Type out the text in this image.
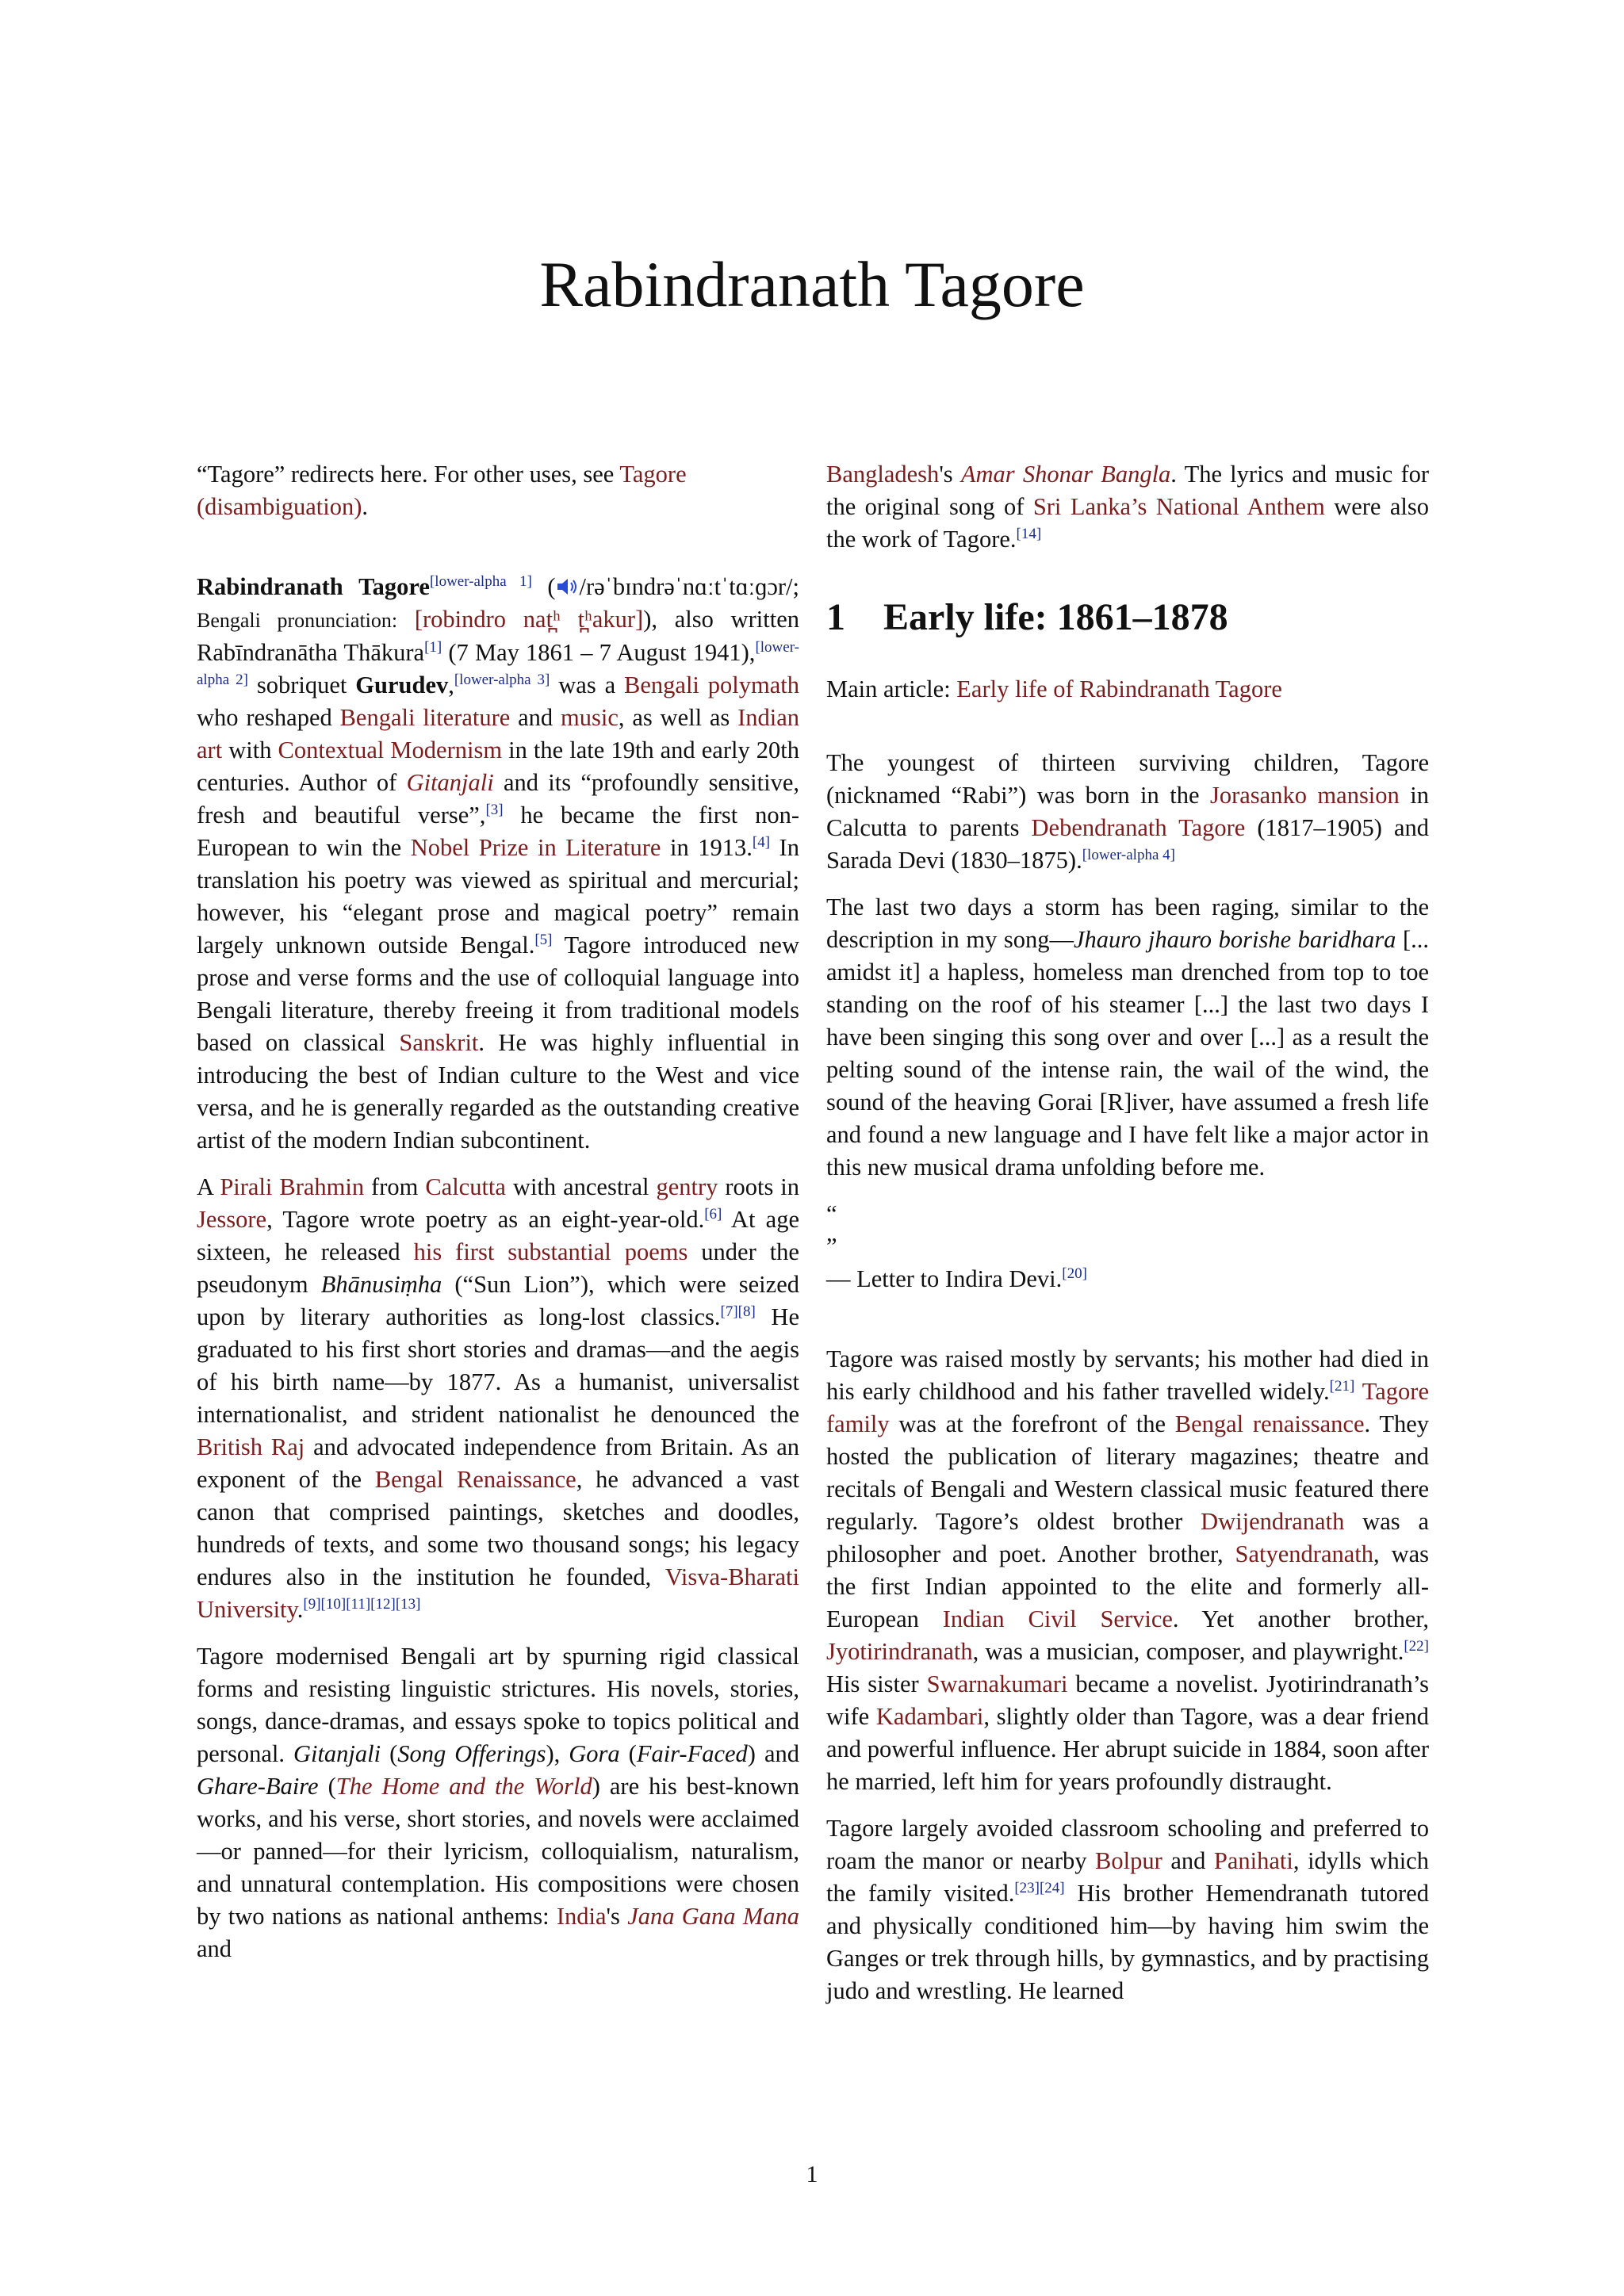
Rabindranath Tagore

“Tagore” redirects here. For other uses, see Tagore (disambiguation).

Rabindranath Tagore[lower-alpha 1] ( /rəˈbɪndrəˈnɑːtˈtɑːɡɔr/; Bengali pronunciation: [robindro nat̪ʰ t̪ʰakur]), also written Rabīndranātha Thākura[1] (7 May 1861 – 7 August 1941),[lower-alpha 2] sobriquet Gurudev,[lower-alpha 3] was a Bengali polymath who reshaped Bengali literature and music, as well as Indian art with Contextual Modernism in the late 19th and early 20th centuries. Author of Gitanjali and its “profoundly sensitive, fresh and beautiful verse”,[3] he became the first non-European to win the Nobel Prize in Literature in 1913.[4] In translation his poetry was viewed as spiritual and mercurial; however, his “elegant prose and magical poetry” remain largely unknown outside Bengal.[5] Tagore introduced new prose and verse forms and the use of colloquial language into Bengali literature, thereby freeing it from traditional models based on classical Sanskrit. He was highly influential in introducing the best of Indian culture to the West and vice versa, and he is generally regarded as the outstanding creative artist of the modern Indian subcontinent.

A Pirali Brahmin from Calcutta with ancestral gentry roots in Jessore, Tagore wrote poetry as an eight-year-old.[6] At age sixteen, he released his first substantial poems under the pseudonym Bhānusiṃha (“Sun Lion”), which were seized upon by literary authorities as long-lost classics.[7][8] He graduated to his first short stories and dramas—and the aegis of his birth name—by 1877. As a humanist, universalist internationalist, and strident nationalist he denounced the British Raj and advocated independence from Britain. As an exponent of the Bengal Renaissance, he advanced a vast canon that comprised paintings, sketches and doodles, hundreds of texts, and some two thousand songs; his legacy endures also in the institution he founded, Visva-Bharati University.[9][10][11][12][13]

Tagore modernised Bengali art by spurning rigid classical forms and resisting linguistic strictures. His novels, stories, songs, dance-dramas, and essays spoke to topics political and personal. Gitanjali (Song Offerings), Gora (Fair-Faced) and Ghare-Baire (The Home and the World) are his best-known works, and his verse, short stories, and novels were acclaimed—or panned—for their lyricism, colloquialism, naturalism, and unnatural contemplation. His compositions were chosen by two nations as national anthems: India's Jana Gana Mana and

Bangladesh's Amar Shonar Bangla. The lyrics and music for the original song of Sri Lanka’s National Anthem were also the work of Tagore.[14]

1 Early life: 1861–1878

Main article: Early life of Rabindranath Tagore

The youngest of thirteen surviving children, Tagore (nicknamed “Rabi”) was born in the Jorasanko mansion in Calcutta to parents Debendranath Tagore (1817–1905) and Sarada Devi (1830–1875).[lower-alpha 4]

The last two days a storm has been raging, similar to the description in my song—Jhauro jhauro borishe baridhara [... amidst it] a hapless, homeless man drenched from top to toe standing on the roof of his steamer [...] the last two days I have been singing this song over and over [...] as a result the pelting sound of the intense rain, the wail of the wind, the sound of the heaving Gorai [R]iver, have assumed a fresh life and found a new language and I have felt like a major actor in this new musical drama unfolding before me.

“

”

— Letter to Indira Devi.[20]

Tagore was raised mostly by servants; his mother had died in his early childhood and his father travelled widely.[21] Tagore family was at the forefront of the Bengal renaissance. They hosted the publication of literary magazines; theatre and recitals of Bengali and Western classical music featured there regularly. Tagore’s oldest brother Dwijendranath was a philosopher and poet. Another brother, Satyendranath, was the first Indian appointed to the elite and formerly all-European Indian Civil Service. Yet another brother, Jyotirindranath, was a musician, composer, and playwright.[22] His sister Swarnakumari became a novelist. Jyotirindranath’s wife Kadambari, slightly older than Tagore, was a dear friend and powerful influence. Her abrupt suicide in 1884, soon after he married, left him for years profoundly distraught.

Tagore largely avoided classroom schooling and preferred to roam the manor or nearby Bolpur and Panihati, idylls which the family visited.[23][24] His brother Hemendranath tutored and physically conditioned him—by having him swim the Ganges or trek through hills, by gymnastics, and by practising judo and wrestling. He learned

1
